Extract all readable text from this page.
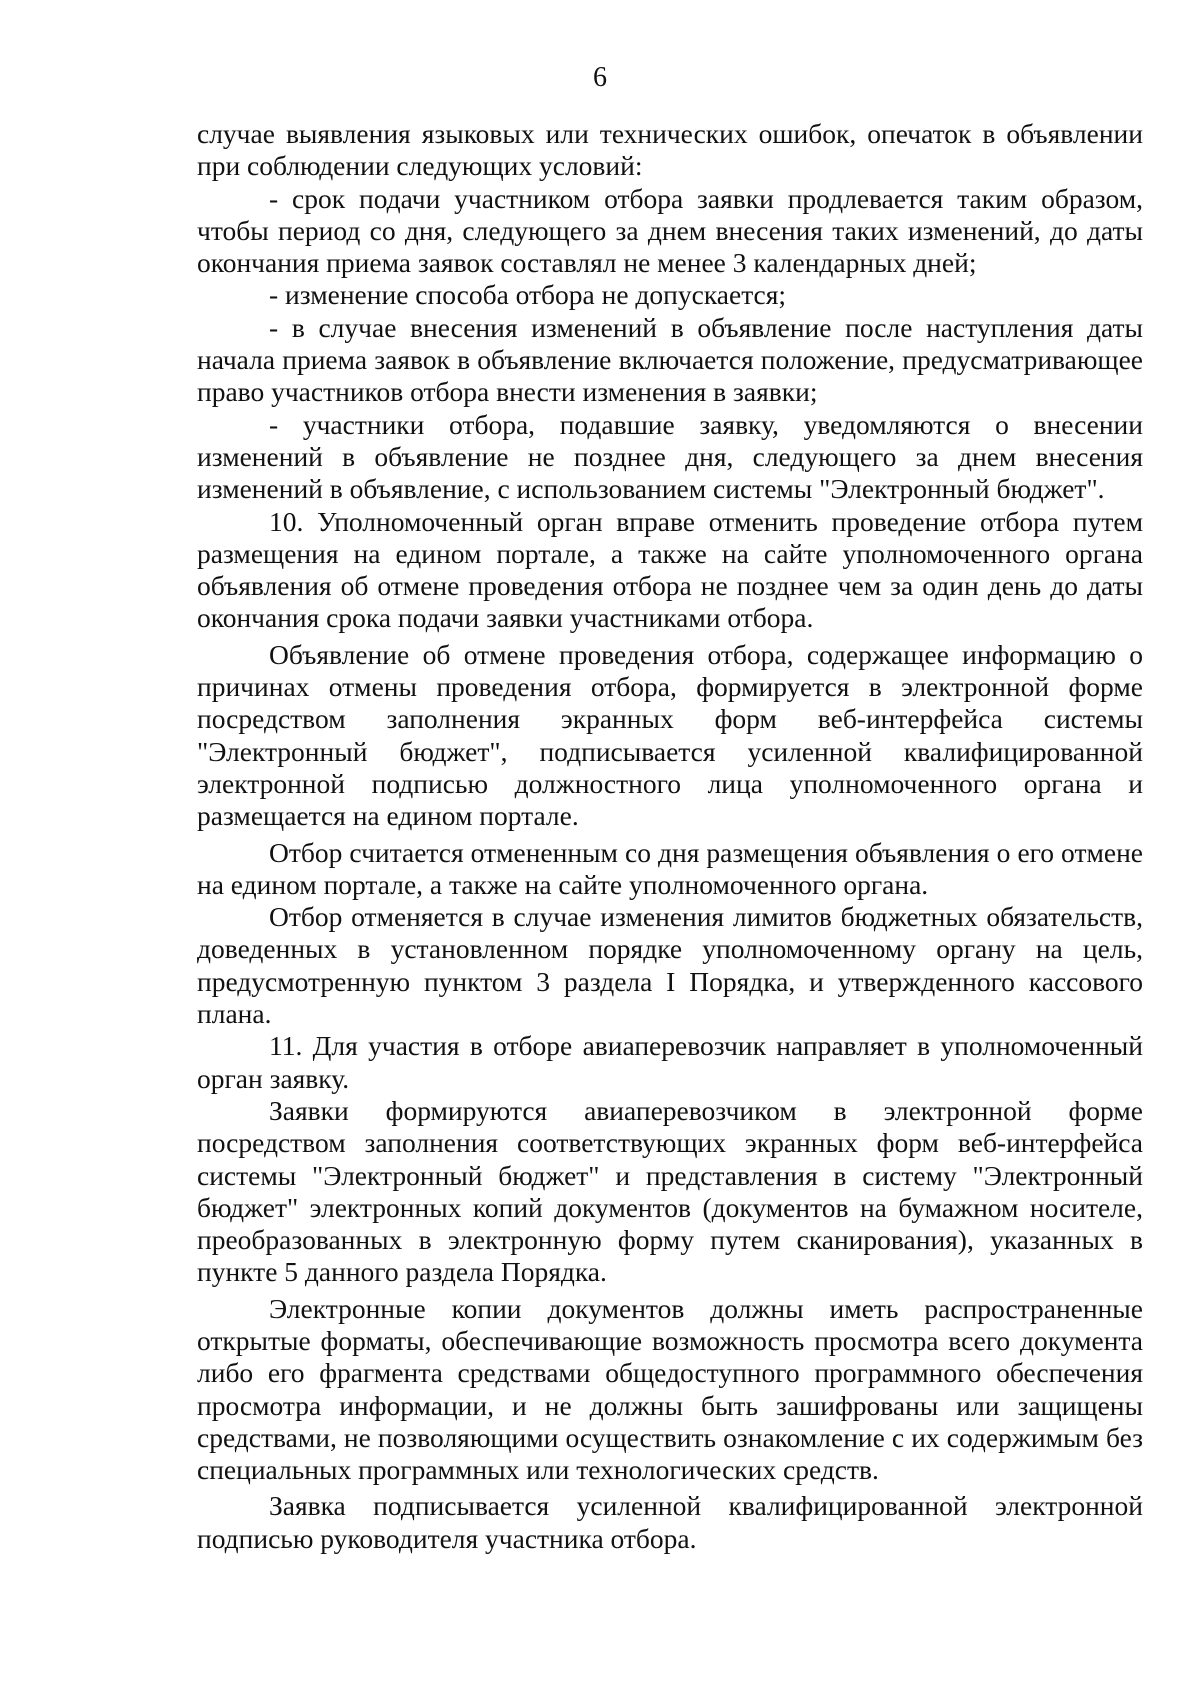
6

случае выявления языковых или технических ошибок, опечаток в объявлении при соблюдении следующих условий:

- срок подачи участником отбора заявки продлевается таким образом, чтобы период со дня, следующего за днем внесения таких изменений, до даты окончания приема заявок составлял не менее 3 календарных дней;

- изменение способа отбора не допускается;

- в случае внесения изменений в объявление после наступления даты начала приема заявок в объявление включается положение, предусматривающее право участников отбора внести изменения в заявки;

- участники отбора, подавшие заявку, уведомляются о внесении изменений в объявление не позднее дня, следующего за днем внесения изменений в объявление, с использованием системы "Электронный бюджет".

10. Уполномоченный орган вправе отменить проведение отбора путем размещения на едином портале, а также на сайте уполномоченного органа объявления об отмене проведения отбора не позднее чем за один день до даты окончания срока подачи заявки участниками отбора.

Объявление об отмене проведения отбора, содержащее информацию о причинах отмены проведения отбора, формируется в электронной форме посредством заполнения экранных форм веб-интерфейса системы "Электронный бюджет", подписывается усиленной квалифицированной электронной подписью должностного лица уполномоченного органа и размещается на едином портале.

Отбор считается отмененным со дня размещения объявления о его отмене на едином портале, а также на сайте уполномоченного органа.

Отбор отменяется в случае изменения лимитов бюджетных обязательств, доведенных в установленном порядке уполномоченному органу на цель, предусмотренную пунктом 3 раздела I Порядка, и утвержденного кассового плана.

11. Для участия в отборе авиаперевозчик направляет в уполномоченный орган заявку.

Заявки формируются авиаперевозчиком в электронной форме посредством заполнения соответствующих экранных форм веб-интерфейса системы "Электронный бюджет" и представления в систему "Электронный бюджет" электронных копий документов (документов на бумажном носителе, преобразованных в электронную форму путем сканирования), указанных в пункте 5 данного раздела Порядка.

Электронные копии документов должны иметь распространенные открытые форматы, обеспечивающие возможность просмотра всего документа либо его фрагмента средствами общедоступного программного обеспечения просмотра информации, и не должны быть зашифрованы или защищены средствами, не позволяющими осуществить ознакомление с их содержимым без специальных программных или технологических средств.

Заявка подписывается усиленной квалифицированной электронной подписью руководителя участника отбора.
